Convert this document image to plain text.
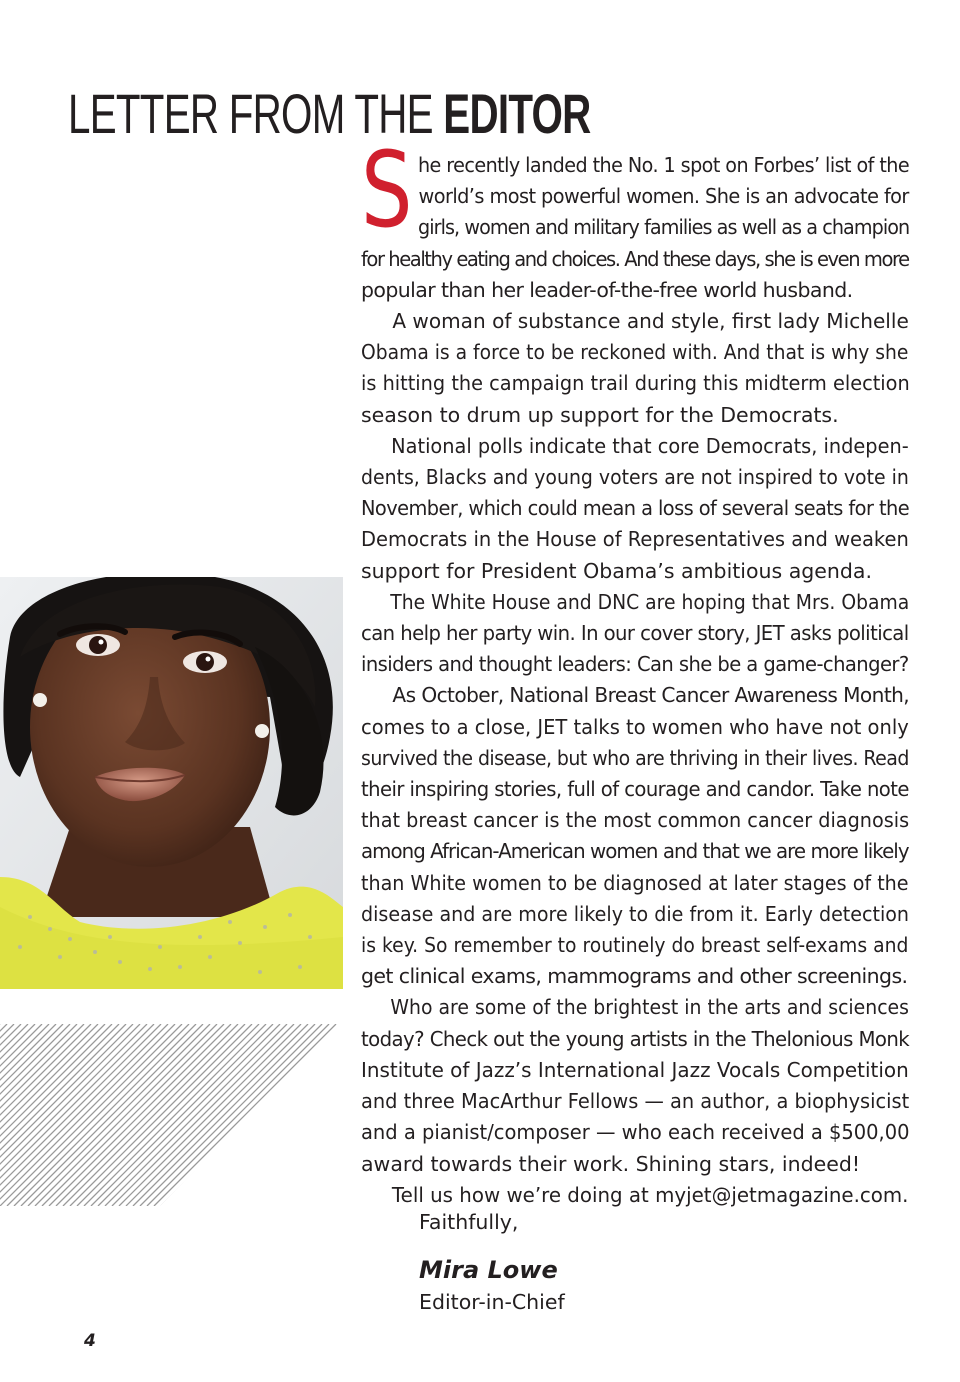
LETTER FROM THE EDITOR
S he recently landed the No. 1 spot on Forbes’ list of the
world’s most powerful women. She is an advocate for
girls, women and military families as well as a champion
for healthy eating and choices. And these days, she is even more
popular than her leader-of-the-free world husband.

A woman of substance and style, first lady Michelle
Obama is a force to be reckoned with. And that is why she
is hitting the campaign trail during this midterm election
season to drum up support for the Democrats.

National polls indicate that core Democrats, indepen-
dents, Blacks and young voters are not inspired to vote in
November, which could mean a loss of several seats for the
Democrats in the House of Representatives and weaken
support for President Obama’s ambitious agenda.

The White House and DNC are hoping that Mrs. Obama
can help her party win. In our cover story, JET asks political
insiders and thought leaders: Can she be a game-changer?

As October, National Breast Cancer Awareness Month,
comes to a close, JET talks to women who have not only
survived the disease, but who are thriving in their lives. Read
their inspiring stories, full of courage and candor. Take note
that breast cancer is the most common cancer diagnosis
among African-American women and that we are more likely
than White women to be diagnosed at later stages of the
disease and are more likely to die from it. Early detection
is key. So remember to routinely do breast self-exams and
get clinical exams, mammograms and other screenings.

Who are some of the brightest in the arts and sciences
today? Check out the young artists in the Thelonious Monk
Institute of Jazz’s International Jazz Vocals Competition
and three MacArthur Fellows — an author, a biophysicist
and a pianist/composer — who each received a $500,00
award towards their work. Shining stars, indeed!

Tell us how we’re doing at myjet@jetmagazine.com.

Faithfully,
Mira Lowe
Editor-in-Chief
4
